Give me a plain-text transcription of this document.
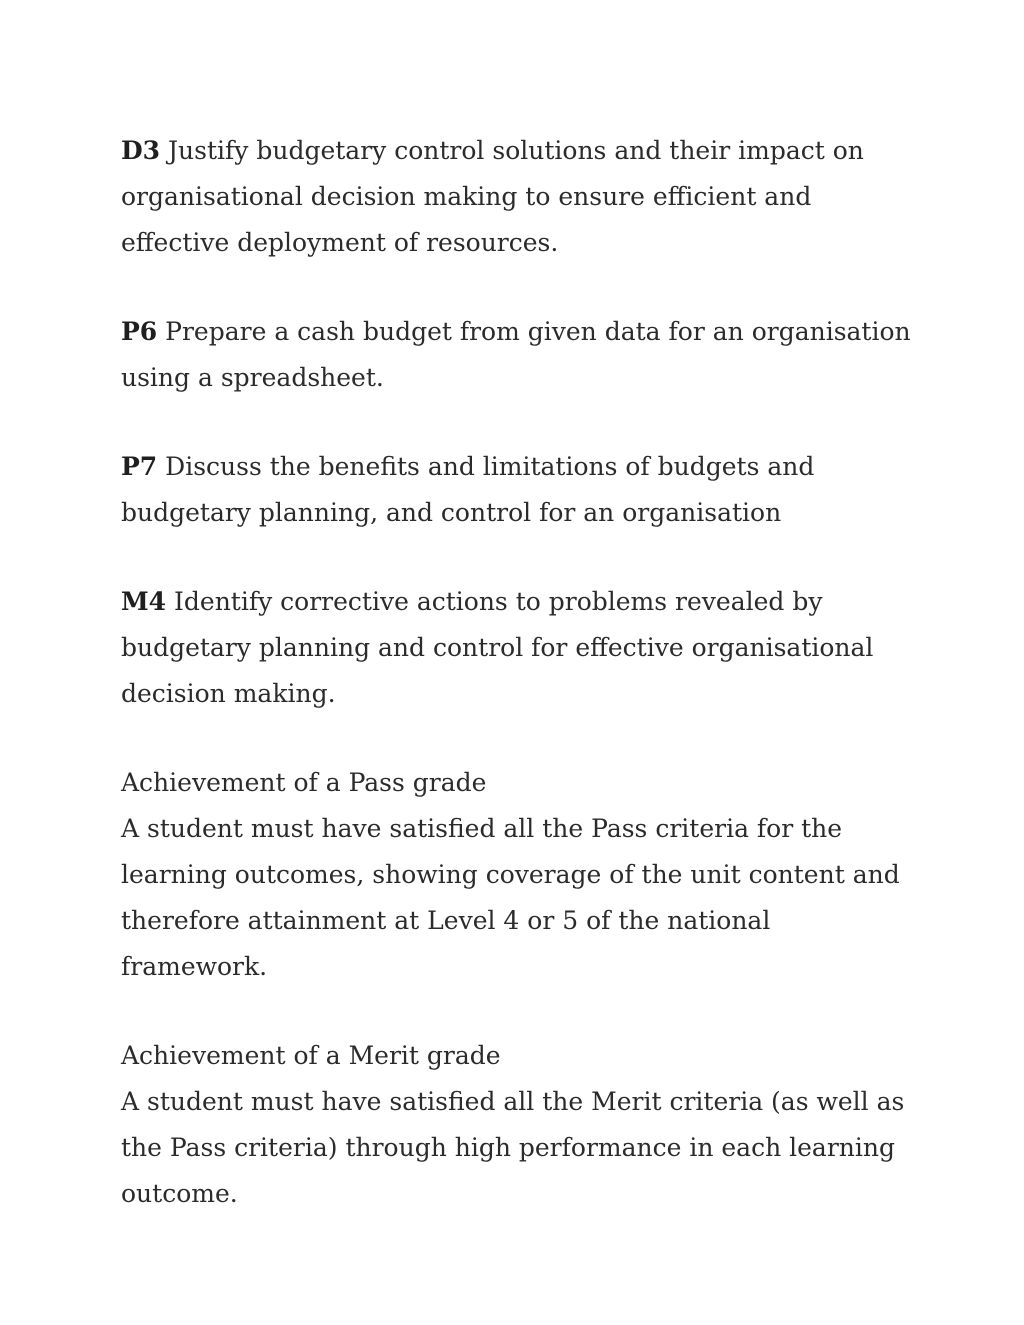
D3 Justify budgetary control solutions and their impact on organisational decision making to ensure efficient and effective deployment of resources.

P6 Prepare a cash budget from given data for an organisation using a spreadsheet.

P7 Discuss the benefits and limitations of budgets and budgetary planning, and control for an organisation

M4 Identify corrective actions to problems revealed by budgetary planning and control for effective organisational decision making.

Achievement of a Pass grade
A student must have satisfied all the Pass criteria for the learning outcomes, showing coverage of the unit content and therefore attainment at Level 4 or 5 of the national framework.

Achievement of a Merit grade
A student must have satisfied all the Merit criteria (as well as the Pass criteria) through high performance in each learning outcome.
